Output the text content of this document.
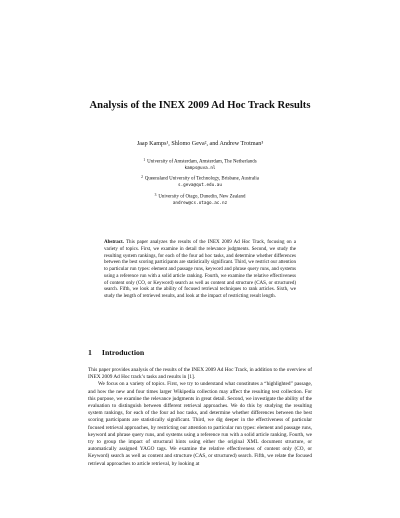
Analysis of the INEX 2009 Ad Hoc Track Results
Jaap Kamps¹, Shlomo Geva², and Andrew Trotman³
$^1$ University of Amsterdam, Amsterdam, The Netherlands
kamps@uva.nl
$^2$ Queensland University of Technology, Brisbane, Australia
s.geva@qut.edu.au
$^3$ University of Otago, Dunedin, New Zealand
andrew@cs.otago.ac.nz
Abstract. This paper analyzes the results of the INEX 2009 Ad Hoc Track, focusing on a variety of topics. First, we examine in detail the relevance judgments. Second, we study the resulting system rankings, for each of the four ad hoc tasks, and determine whether differences between the best scoring participants are statistically significant. Third, we restrict our attention to particular run types: element and passage runs, keyword and phrase query runs, and systems using a reference run with a solid article ranking. Fourth, we examine the relative effectiveness of content only (CO, or Keyword) search as well as content and structure (CAS, or structured) search. Fifth, we look at the ability of focused retrieval techniques to rank articles. Sixth, we study the length of retrieved results, and look at the impact of restricting result length.
1 Introduction

This paper provides analysis of the results of the INEX 2009 Ad Hoc Track, in addition to the overview of INEX 2009 Ad Hoc track’s tasks and results in [1].

We focus on a variety of topics. First, we try to understand what constitutes a “highlighted” passage, and how the new and four times larger Wikipedia collection may affect the resulting test collection. For this purpose, we examine the relevance judgments in great detail. Second, we investigate the ability of the evaluation to distinguish between different retrieval approaches. We do this by studying the resulting system rankings, for each of the four ad hoc tasks, and determine whether differences between the best scoring participants are statistically significant. Third, we dig deeper in the effectiveness of particular focused retrieval approaches, by restricting our attention to particular run types: element and passage runs, keyword and phrase query runs, and systems using a reference run with a solid article ranking. Fourth, we try to group the impact of structural hints using either the original XML document structure, or automatically assigned YAGO tags. We examine the relative effectiveness of content only (CO, or Keyword) search as well as content and structure (CAS, or structured) search. Fifth, we relate the focused retrieval approaches to article retrieval, by looking at
